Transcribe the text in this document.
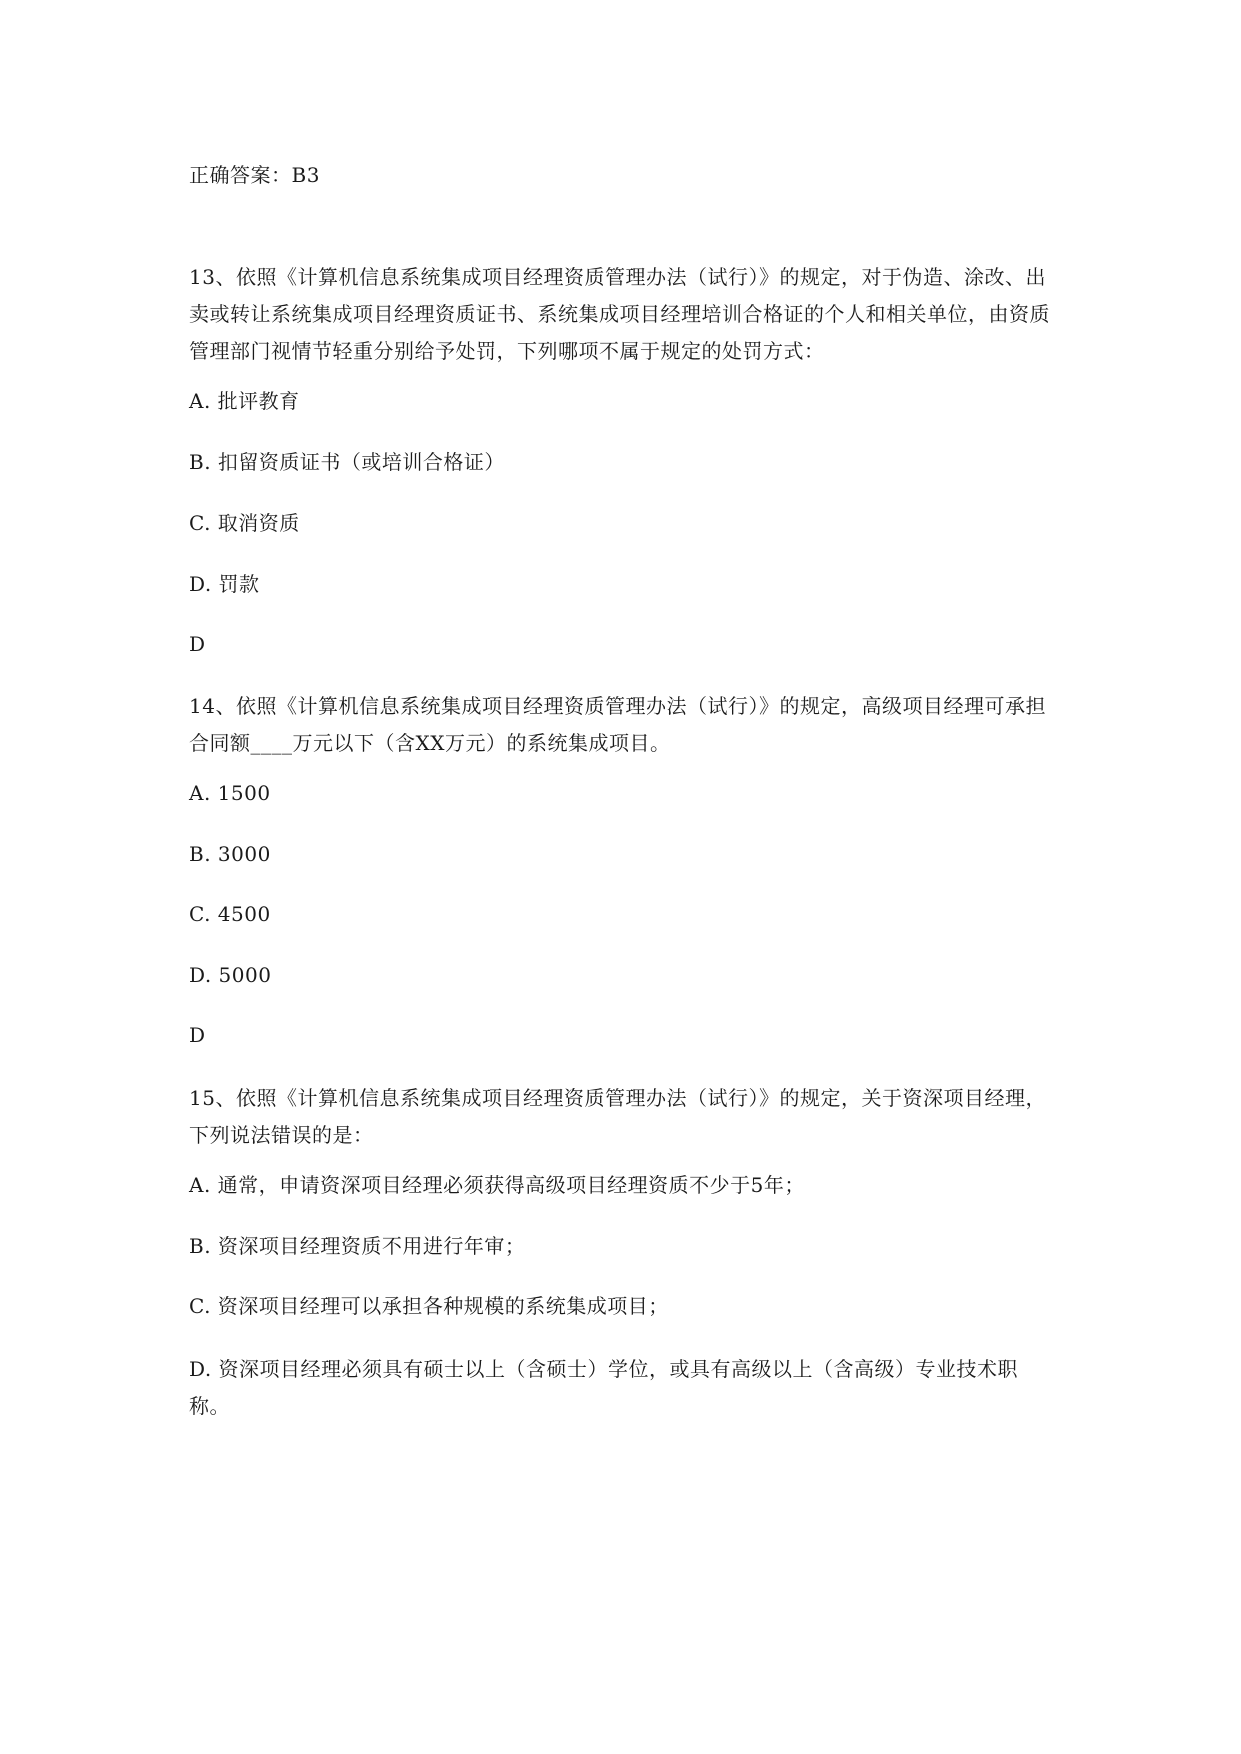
正确答案：B3
13、依照《计算机信息系统集成项目经理资质管理办法（试行）》的规定，对于伪造、涂改、出卖或转让系统集成项目经理资质证书、系统集成项目经理培训合格证的个人和相关单位，由资质管理部门视情节轻重分别给予处罚，下列哪项不属于规定的处罚方式：
A. 批评教育
B. 扣留资质证书（或培训合格证）
C. 取消资质
D. 罚款
D
14、依照《计算机信息系统集成项目经理资质管理办法（试行）》的规定，高级项目经理可承担合同额____万元以下（含XX万元）的系统集成项目。
A. 1500
B. 3000
C. 4500
D. 5000
D
15、依照《计算机信息系统集成项目经理资质管理办法（试行）》的规定，关于资深项目经理，下列说法错误的是：
A. 通常，申请资深项目经理必须获得高级项目经理资质不少于5年；
B. 资深项目经理资质不用进行年审；
C. 资深项目经理可以承担各种规模的系统集成项目；
D. 资深项目经理必须具有硕士以上（含硕士）学位，或具有高级以上（含高级）专业技术职称。
